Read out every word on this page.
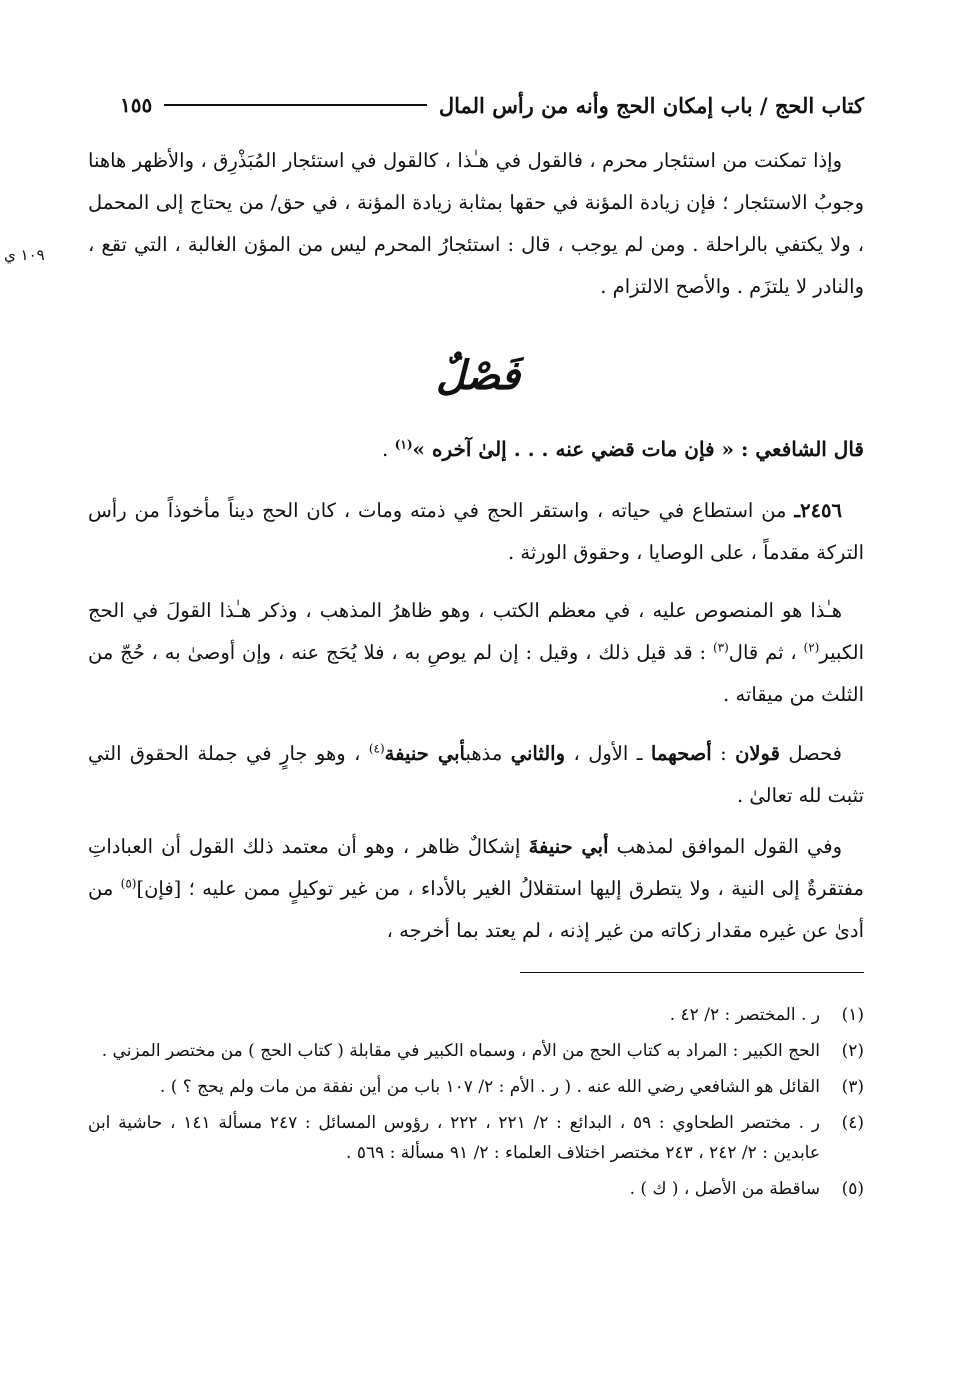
كتاب الحج / باب إمكان الحج وأنه من رأس المال
١٥٥

وإذا تمكنت من استئجار محرم ، فالقول في هـٰذا ، كالقول في استئجار المُبَذْرِق ، والأظهر هاهنا وجوبُ الاستئجار ؛ فإن زيادة المؤنة في حقها بمثابة زيادة المؤنة ، في حق/ من يحتاج إلى المحمل ، ولا يكتفي بالراحلة . ومن لم يوجب ، قال : استئجارُ المحرم ليس من المؤن الغالبة ، التي تقع ، والنادر لا يلتزَم . والأصح الالتزام .

١٠٩ ي
فَصْلٌ
قال الشافعي : « فإن مات قضي عنه . . . إلىٰ آخره »$^{(١)}$ .

٢٤٥٦ـ من استطاع في حياته ، واستقر الحج في ذمته ومات ، كان الحج ديناً مأخوذاً من رأس التركة مقدماً ، على الوصايا ، وحقوق الورثة .

هـٰذا هو المنصوص عليه ، في معظم الكتب ، وهو ظاهرُ المذهب ، وذكر هـٰذا القولَ في الحج الكبير$^{(٢)}$ ، ثم قال$^{(٣)}$ : قد قيل ذلك ، وقيل : إن لم يوصِ به ، فلا يُحَج عنه ، وإن أوصىٰ به ، حُجّ من الثلث من ميقاته .

فحصل قولان : أصحهما ـ الأول ، والثاني مذهبأبي حنيفة$^{(٤)}$ ، وهو جارٍ في جملة الحقوق التي تثبت لله تعالىٰ .

وفي القول الموافق لمذهب أبي حنيفةَ إشكالٌ ظاهر ، وهو أن معتمد ذلك القول أن العباداتِ مفتقرةٌ إلى النية ، ولا يتطرق إليها استقلالُ الغير بالأداء ، من غير توكيلٍ ممن عليه ؛ [فإن]$^{(٥)}$ من أدىٰ عن غيره مقدار زكاته من غير إذنه ، لم يعتد بما أخرجه ،

(١)
ر . المختصر : ٢/ ٤٢ .
(٢)
الحج الكبير : المراد به كتاب الحج من الأم ، وسماه الكبير في مقابلة ( كتاب الحج ) من مختصر المزني .
(٣)
القائل هو الشافعي رضي الله عنه . ( ر . الأم : ٢/ ١٠٧ باب من أين نفقة من مات ولم يحج ؟ ) .
(٤)
ر . مختصر الطحاوي : ٥٩ ، البدائع : ٢/ ٢٢١ ، ٢٢٢ ، رؤوس المسائل : ٢٤٧ مسألة ١٤١ ، حاشية ابن عابدين : ٢/ ٢٤٢ ، ٢٤٣ مختصر اختلاف العلماء : ٢/ ٩١ مسألة : ٥٦٩ .
(٥)
ساقطة من الأصل ، ( ك ) .
